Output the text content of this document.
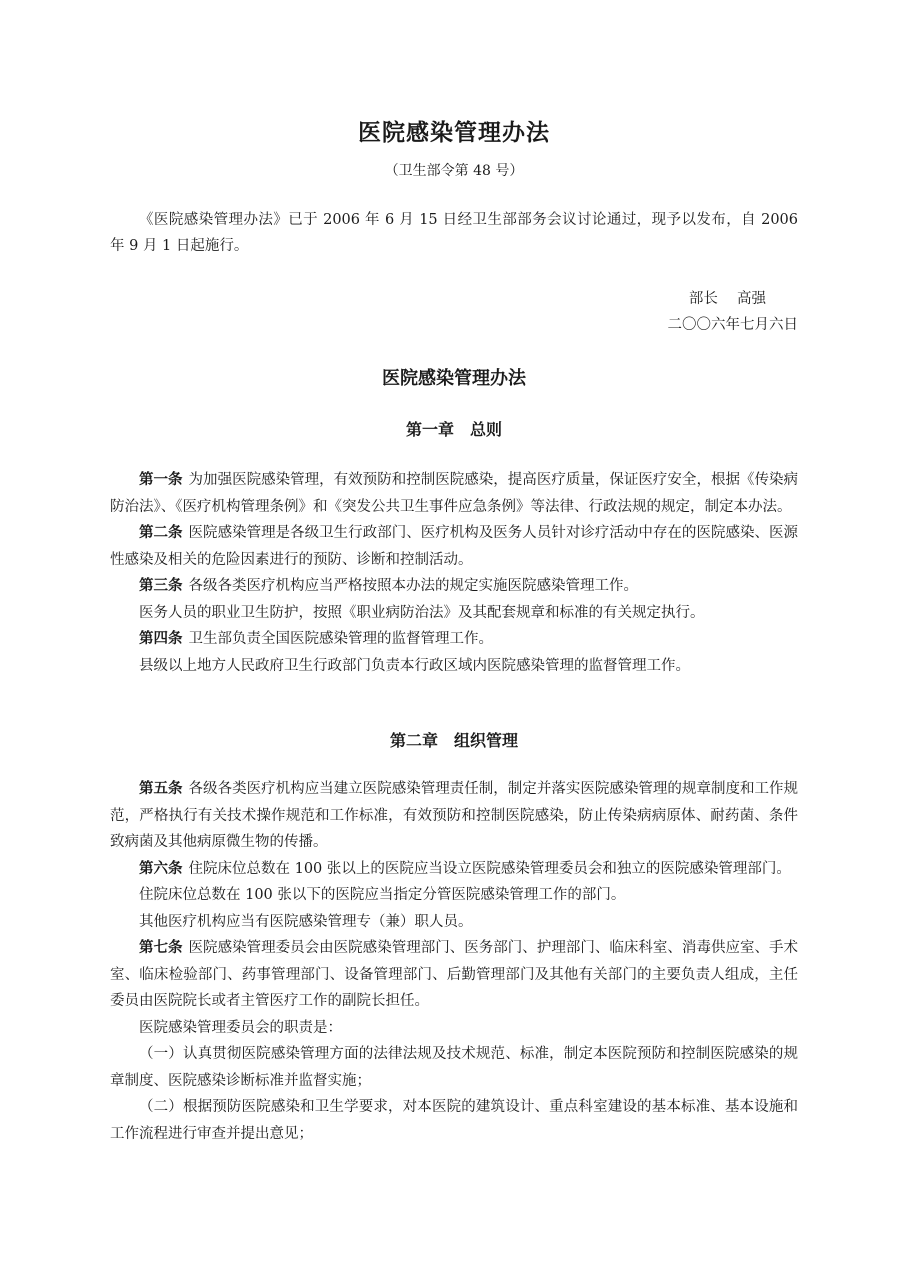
医院感染管理办法

（卫生部令第 48 号）

《医院感染管理办法》已于 2006 年 6 月 15 日经卫生部部务会议讨论通过，现予以发布，自 2006 年 9 月 1 日起施行。

部长　 高强

二〇〇六年七月六日

医院感染管理办法
第一章　总则

第一条 为加强医院感染管理，有效预防和控制医院感染，提高医疗质量，保证医疗安全，根据《传染病防治法》、《医疗机构管理条例》和《突发公共卫生事件应急条例》等法律、行政法规的规定，制定本办法。

第二条 医院感染管理是各级卫生行政部门、医疗机构及医务人员针对诊疗活动中存在的医院感染、医源性感染及相关的危险因素进行的预防、诊断和控制活动。

第三条 各级各类医疗机构应当严格按照本办法的规定实施医院感染管理工作。

医务人员的职业卫生防护，按照《职业病防治法》及其配套规章和标准的有关规定执行。

第四条 卫生部负责全国医院感染管理的监督管理工作。

县级以上地方人民政府卫生行政部门负责本行政区域内医院感染管理的监督管理工作。

第二章　组织管理

第五条 各级各类医疗机构应当建立医院感染管理责任制，制定并落实医院感染管理的规章制度和工作规范，严格执行有关技术操作规范和工作标准，有效预防和控制医院感染，防止传染病病原体、耐药菌、条件致病菌及其他病原微生物的传播。

第六条 住院床位总数在 100 张以上的医院应当设立医院感染管理委员会和独立的医院感染管理部门。

住院床位总数在 100 张以下的医院应当指定分管医院感染管理工作的部门。

其他医疗机构应当有医院感染管理专（兼）职人员。

第七条 医院感染管理委员会由医院感染管理部门、医务部门、护理部门、临床科室、消毒供应室、手术室、临床检验部门、药事管理部门、设备管理部门、后勤管理部门及其他有关部门的主要负责人组成，主任委员由医院院长或者主管医疗工作的副院长担任。

医院感染管理委员会的职责是：

（一）认真贯彻医院感染管理方面的法律法规及技术规范、标准，制定本医院预防和控制医院感染的规章制度、医院感染诊断标准并监督实施；

（二）根据预防医院感染和卫生学要求，对本医院的建筑设计、重点科室建设的基本标准、基本设施和工作流程进行审查并提出意见；
